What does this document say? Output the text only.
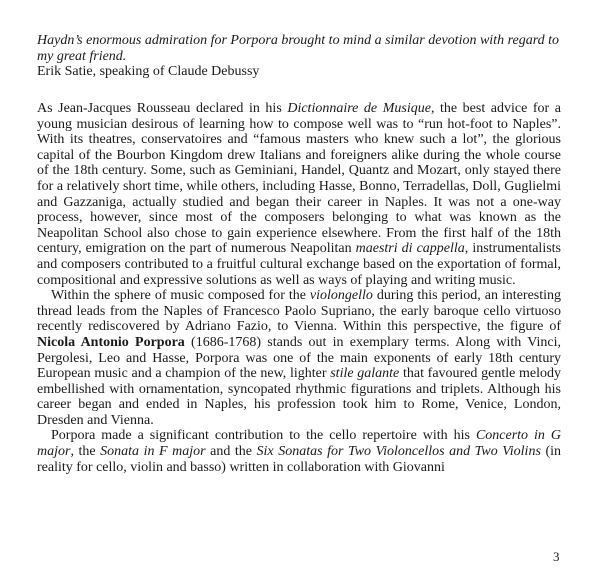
Haydn’s enormous admiration for Porpora brought to mind a similar devotion with regard to my great friend.
Erik Satie, speaking of Claude Debussy

As Jean-Jacques Rousseau declared in his Dictionnaire de Musique, the best advice for a young musician desirous of learning how to compose well was to “run hot-foot to Naples”. With its theatres, conservatoires and “famous masters who knew such a lot”, the glorious capital of the Bourbon Kingdom drew Italians and foreigners alike during the whole course of the 18th century. Some, such as Geminiani, Handel, Quantz and Mozart, only stayed there for a relatively short time, while others, including Hasse, Bonno, Terradellas, Doll, Guglielmi and Gazzaniga, actually studied and began their career in Naples. It was not a one-way process, however, since most of the composers belonging to what was known as the Neapolitan School also chose to gain experience elsewhere. From the first half of the 18th century, emigration on the part of numerous Neapolitan maestri di cappella, instrumentalists and composers contributed to a fruitful cultural exchange based on the exportation of formal, compositional and expressive solutions as well as ways of playing and writing music.

Within the sphere of music composed for the violongello during this period, an interesting thread leads from the Naples of Francesco Paolo Supriano, the early baroque cello virtuoso recently rediscovered by Adriano Fazio, to Vienna. Within this perspective, the figure of Nicola Antonio Porpora (1686-1768) stands out in exemplary terms. Along with Vinci, Pergolesi, Leo and Hasse, Porpora was one of the main exponents of early 18th century European music and a champion of the new, lighter stile galante that favoured gentle melody embellished with ornamentation, syncopated rhythmic figurations and triplets. Although his career began and ended in Naples, his profession took him to Rome, Venice, London, Dresden and Vienna.

Porpora made a significant contribution to the cello repertoire with his Concerto in G major, the Sonata in F major and the Six Sonatas for Two Violoncellos and Two Violins (in reality for cello, violin and basso) written in collaboration with Giovanni

3
